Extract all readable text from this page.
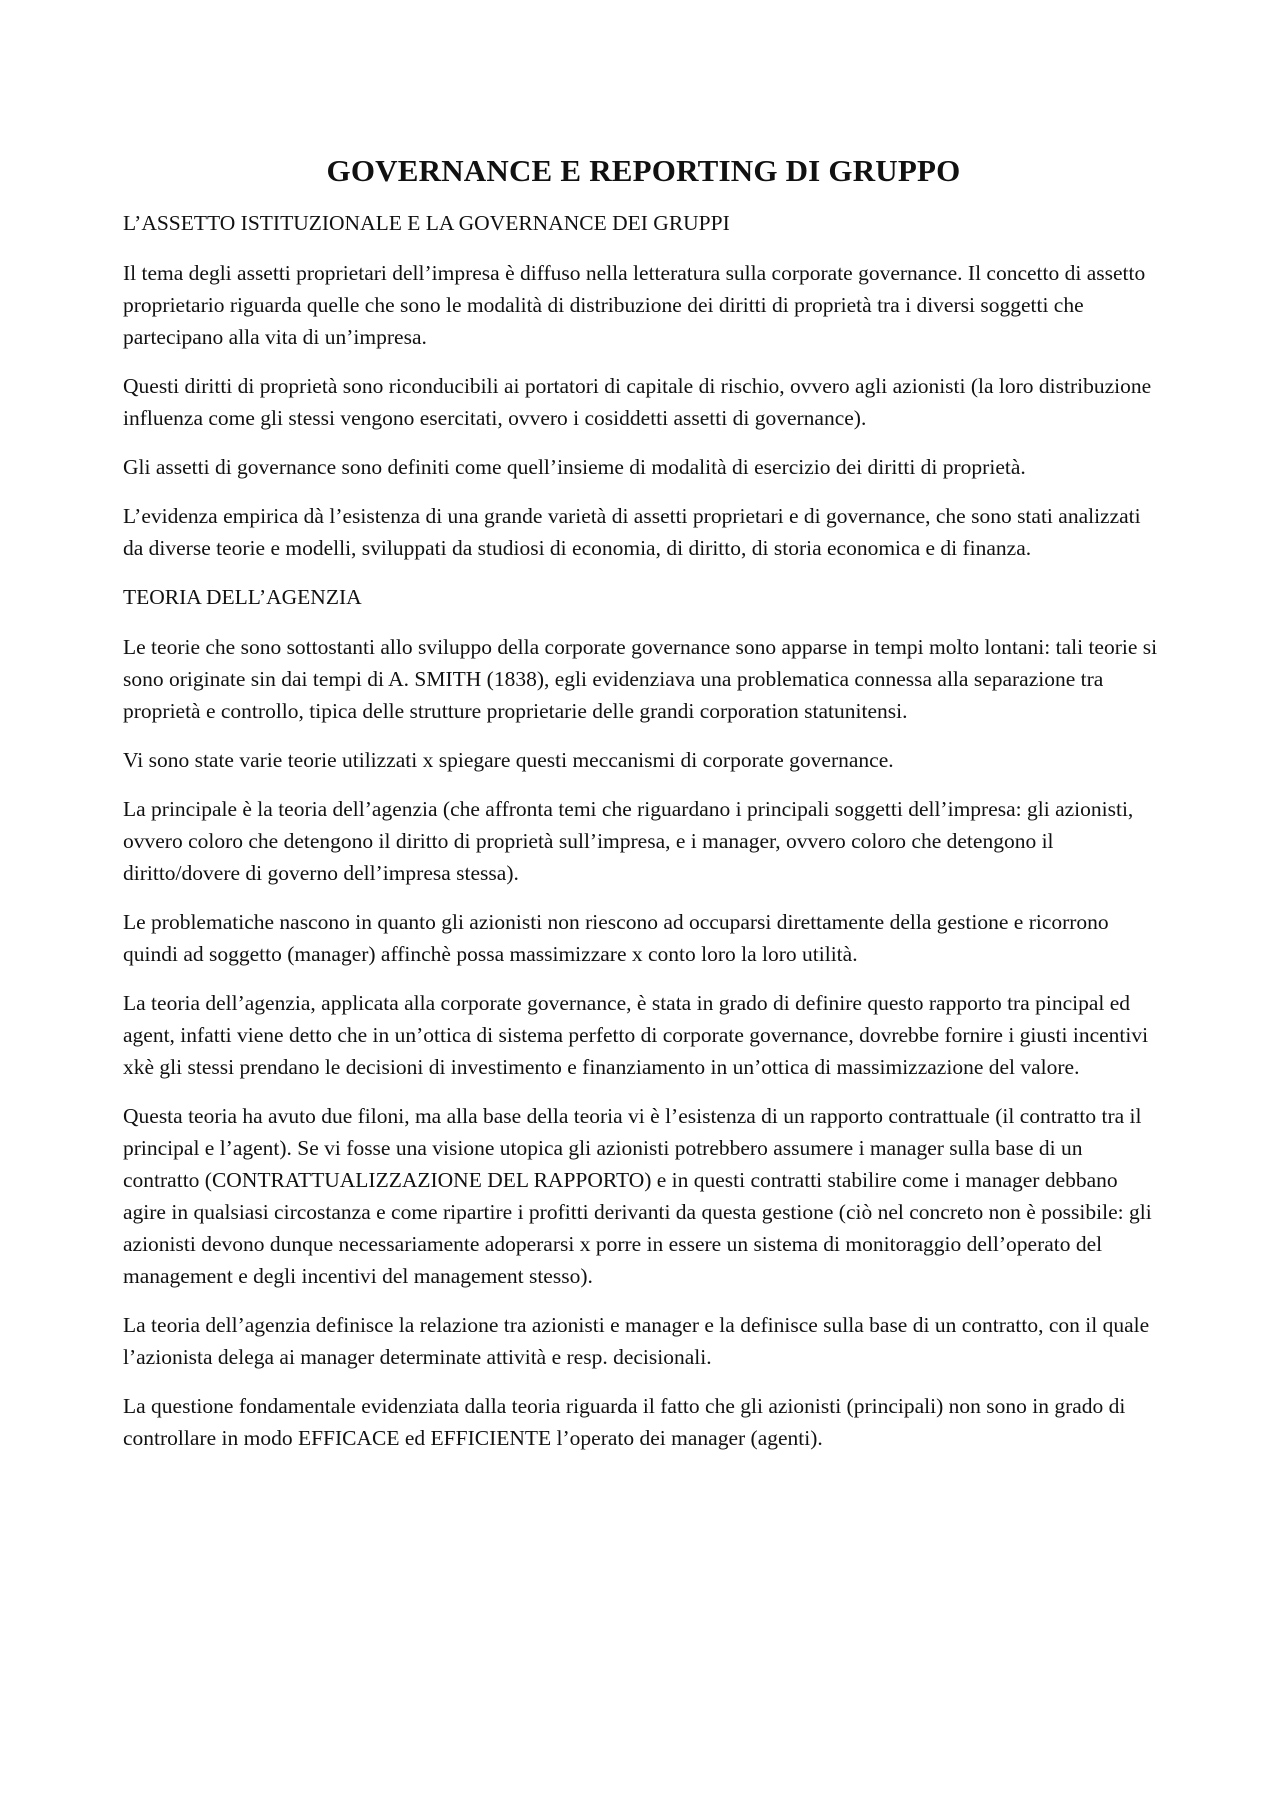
GOVERNANCE E REPORTING DI GRUPPO
L’ASSETTO ISTITUZIONALE E LA GOVERNANCE DEI GRUPPI

Il tema degli assetti proprietari dell’impresa è diffuso nella letteratura sulla corporate governance. Il concetto di assetto proprietario riguarda quelle che sono le modalità di distribuzione dei diritti di proprietà tra i diversi soggetti che partecipano alla vita di un’impresa.

Questi diritti di proprietà sono riconducibili ai portatori di capitale di rischio, ovvero agli azionisti (la loro distribuzione influenza come gli stessi vengono esercitati, ovvero i cosiddetti assetti di governance).

Gli assetti di governance sono definiti come quell’insieme di modalità di esercizio dei diritti di proprietà.

L’evidenza empirica dà l’esistenza di una grande varietà di assetti proprietari e di governance, che sono stati analizzati da diverse teorie e modelli, sviluppati da studiosi di economia, di diritto, di storia economica e di finanza.

TEORIA DELL’AGENZIA

Le teorie che sono sottostanti allo sviluppo della corporate governance sono apparse in tempi molto lontani: tali teorie si sono originate sin dai tempi di A. SMITH (1838), egli evidenziava una problematica connessa alla separazione tra proprietà e controllo, tipica delle strutture proprietarie delle grandi corporation statunitensi.

Vi sono state varie teorie utilizzati x spiegare questi meccanismi di corporate governance.

La principale è la teoria dell’agenzia (che affronta temi che riguardano i principali soggetti dell’impresa: gli azionisti, ovvero coloro che detengono il diritto di proprietà sull’impresa, e i manager, ovvero coloro che detengono il diritto/dovere di governo dell’impresa stessa).

Le problematiche nascono in quanto gli azionisti non riescono ad occuparsi direttamente della gestione e ricorrono quindi ad soggetto (manager) affinchè possa massimizzare x conto loro la loro utilità.

La teoria dell’agenzia, applicata alla corporate governance, è stata in grado di definire questo rapporto tra pincipal ed agent, infatti viene detto che in un’ottica di sistema perfetto di corporate governance, dovrebbe fornire i giusti incentivi xkè gli stessi prendano le decisioni di investimento e finanziamento in un’ottica di massimizzazione del valore.

Questa teoria ha avuto due filoni, ma alla base della teoria vi è l’esistenza di un rapporto contrattuale (il contratto tra il principal e l’agent). Se vi fosse una visione utopica gli azionisti potrebbero assumere i manager sulla base di un contratto (CONTRATTUALIZZAZIONE DEL RAPPORTO) e in questi contratti stabilire come i manager debbano agire in qualsiasi circostanza e come ripartire i profitti derivanti da questa gestione (ciò nel concreto non è possibile: gli azionisti devono dunque necessariamente adoperarsi x porre in essere un sistema di monitoraggio dell’operato del management e degli incentivi del management stesso).

La teoria dell’agenzia definisce la relazione tra azionisti e manager e la definisce sulla base di un contratto, con il quale l’azionista delega ai manager determinate attività e resp. decisionali.

La questione fondamentale evidenziata dalla teoria riguarda il fatto che gli azionisti (principali) non sono in grado di controllare in modo EFFICACE ed EFFICIENTE l’operato dei manager (agenti).
